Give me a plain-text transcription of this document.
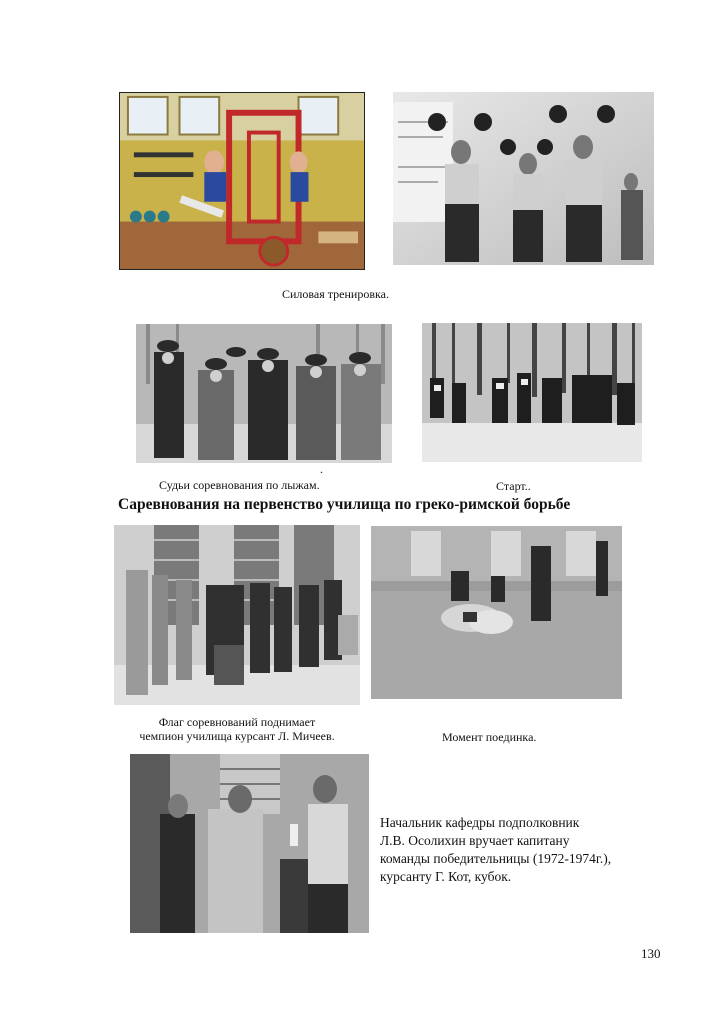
Силовая тренировка.
.
Судьи соревнования по лыжам.	Старт..
Саревнования на первенство училища по греко-римской борьбе
Флаг соревнований поднимает
чемпион училища курсант Л. Мичеев.	Момент поединка.
Начальник кафедры подполковник
Л.В. Осолихин вручает капитану
команды победительницы (1972-1974г.),
курсанту Г. Кот, кубок.
130
